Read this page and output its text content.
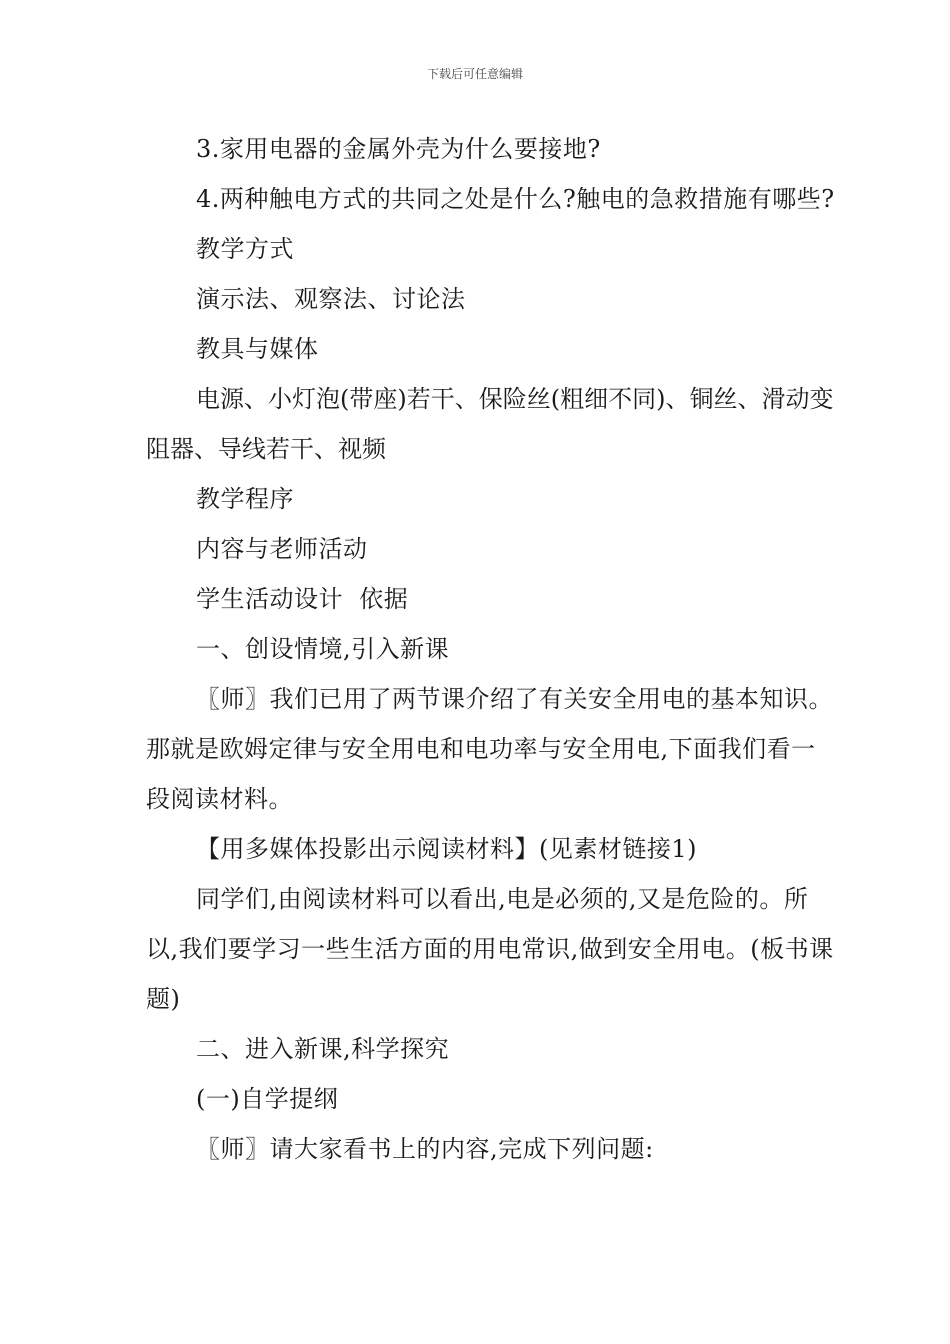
下载后可任意编辑

3.家用电器的金属外壳为什么要接地?

4.两种触电方式的共同之处是什么?触电的急救措施有哪些?

教学方式

演示法、观察法、讨论法

教具与媒体

电源、小灯泡(带座)若干、保险丝(粗细不同)、铜丝、滑动变阻器、导线若干、视频

教学程序

内容与老师活动

学生活动设计  依据

一、创设情境,引入新课

〖师〗我们已用了两节课介绍了有关安全用电的基本知识。那就是欧姆定律与安全用电和电功率与安全用电,下面我们看一段阅读材料。

【用多媒体投影出示阅读材料】(见素材链接1)

同学们,由阅读材料可以看出,电是必须的,又是危险的。所以,我们要学习一些生活方面的用电常识,做到安全用电。(板书课题)

二、进入新课,科学探究

(一)自学提纲

〖师〗请大家看书上的内容,完成下列问题:
